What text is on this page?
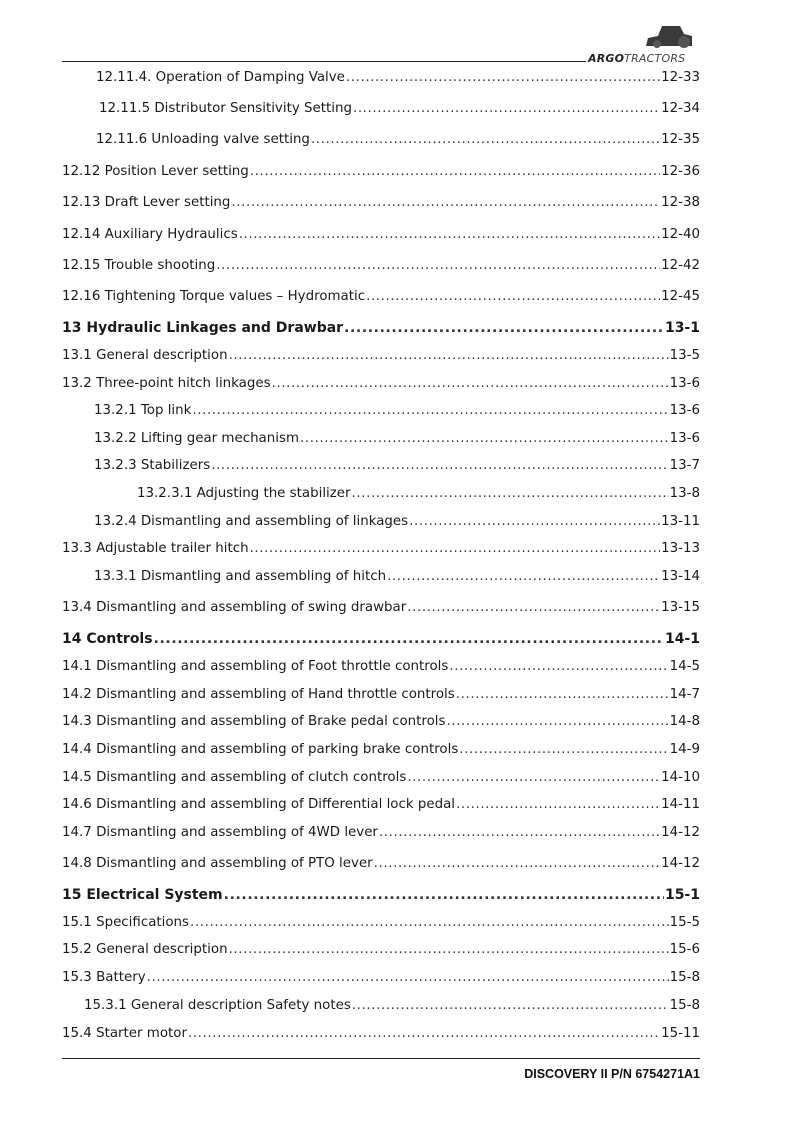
ARGOTRACTORS
12.11.4. Operation of Damping Valve .....	12-33
12.11.5 Distributor Sensitivity Setting .....	12-34
12.11.6 Unloading valve setting .....	12-35
12.12 Position Lever setting .....	12-36
12.13 Draft Lever setting .....	12-38
12.14 Auxiliary Hydraulics .....	12-40
12.15 Trouble shooting .....	12-42
12.16 Tightening Torque values – Hydromatic .....	12-45
13 Hydraulic Linkages and Drawbar .....	13-1
13.1 General description .....	13-5
13.2 Three-point hitch linkages .....	13-6
13.2.1 Top link .....	13-6
13.2.2 Lifting gear mechanism .....	13-6
13.2.3 Stabilizers .....	13-7
13.2.3.1 Adjusting the stabilizer .....	13-8
13.2.4 Dismantling and assembling of linkages .....	13-11
13.3 Adjustable trailer hitch .....	13-13
13.3.1 Dismantling and assembling of hitch .....	13-14
13.4 Dismantling and assembling of swing drawbar .....	13-15
14 Controls .....	14-1
14.1 Dismantling and assembling of Foot throttle controls .....	14-5
14.2 Dismantling and assembling of Hand throttle controls .....	14-7
14.3 Dismantling and assembling of Brake pedal controls .....	14-8
14.4 Dismantling and assembling of parking brake controls .....	14-9
14.5 Dismantling and assembling of clutch controls .....	14-10
14.6 Dismantling and assembling of Differential lock pedal .....	14-11
14.7 Dismantling and assembling of 4WD lever .....	14-12
14.8 Dismantling and assembling of PTO lever .....	14-12
15 Electrical System .....	15-1
15.1 Specifications .....	15-5
15.2 General description .....	15-6
15.3 Battery .....	15-8
15.3.1 General description Safety notes .....	15-8
15.4 Starter motor .....	15-11
DISCOVERY II P/N 6754271A1
